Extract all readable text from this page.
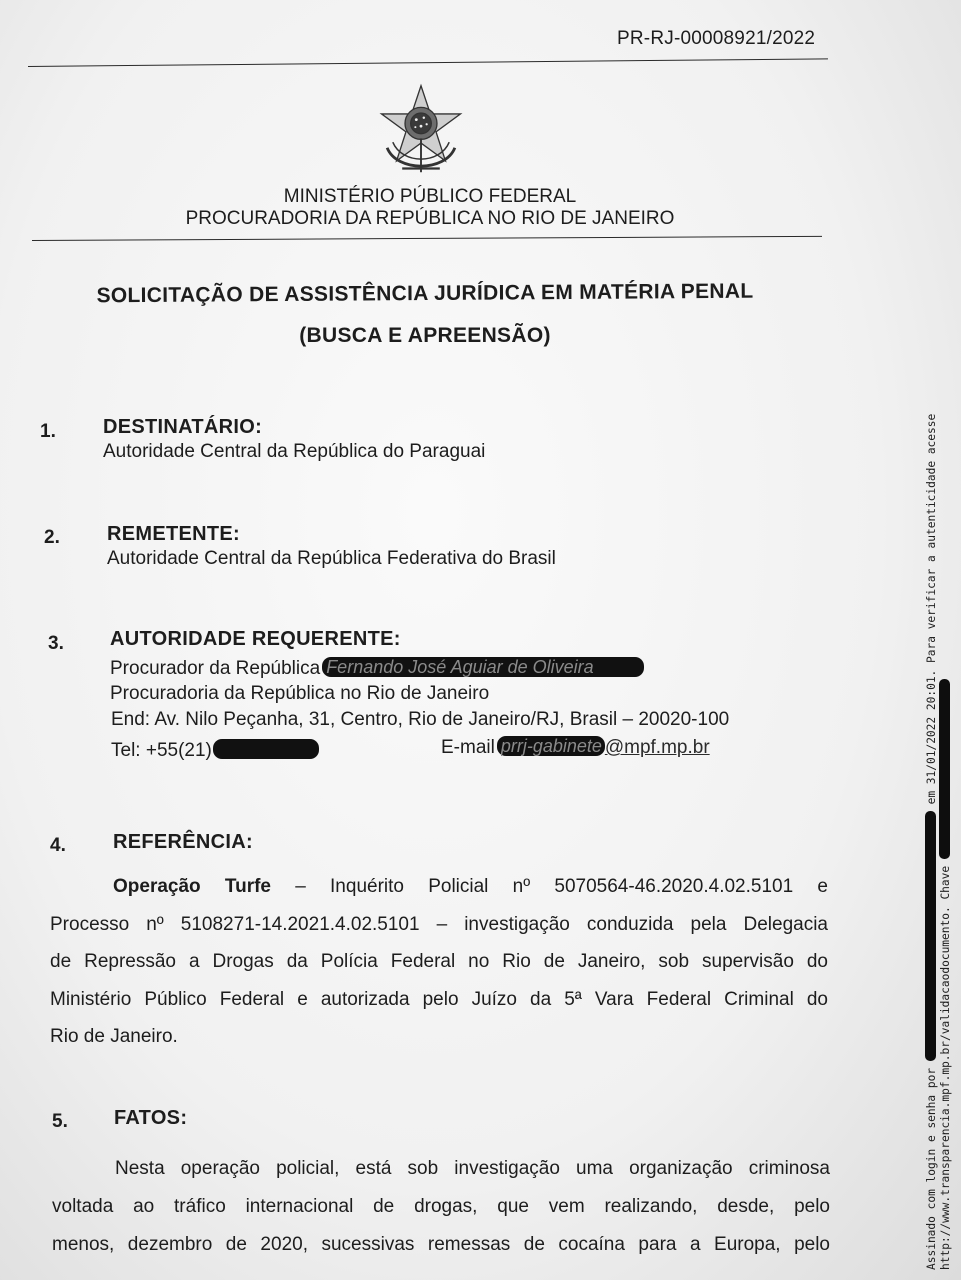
PR-RJ-00008921/2022
MINISTÉRIO PÚBLICO FEDERAL
PROCURADORIA DA REPÚBLICA NO RIO DE JANEIRO
SOLICITAÇÃO DE ASSISTÊNCIA JURÍDICA EM MATÉRIA PENAL
(BUSCA E APREENSÃO)
1. DESTINATÁRIO:
Autoridade Central da República do Paraguai
2. REMETENTE:
Autoridade Central da República Federativa do Brasil
3. AUTORIDADE REQUERENTE:
Procurador da República Fernando José Aguiar de Oliveira
Procuradoria da República no Rio de Janeiro
End: Av. Nilo Peçanha, 31, Centro, Rio de Janeiro/RJ, Brasil – 20020-100
Tel: +55(21)	E-mail prrj-gabinete @mpf.mp.br
4. REFERÊNCIA:
Operação Turfe – Inquérito Policial nº 5070564-46.2020.4.02.5101 e
Processo nº 5108271-14.2021.4.02.5101 – investigação conduzida pela Delegacia
de Repressão a Drogas da Polícia Federal no Rio de Janeiro, sob supervisão do
Ministério Público Federal e autorizada pelo Juízo da 5ª Vara Federal Criminal do
Rio de Janeiro.
5. FATOS:
Nesta operação policial, está sob investigação uma organização criminosa
voltada ao tráfico internacional de drogas, que vem realizando, desde, pelo
menos, dezembro de 2020, sucessivas remessas de cocaína para a Europa, pelo	Assinado com login e senha por  em 31/01/2022 20:01. Para verificar a autenticidade acesse
http://www.transparencia.mpf.mp.br/validacaodocumento. Chave
